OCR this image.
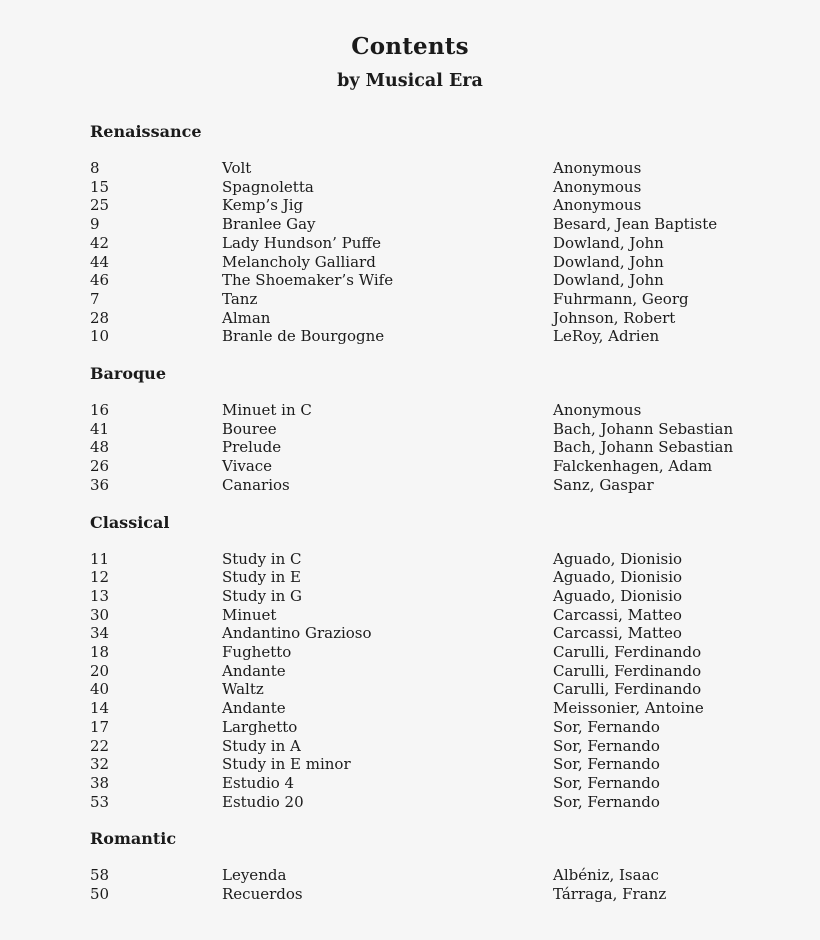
Contents
by Musical Era
Renaissance
8	Volt	Anonymous
15	Spagnoletta	Anonymous
25	Kemp’s Jig	Anonymous
9	Branlee Gay	Besard, Jean Baptiste
42	Lady Hundson’ Puffe	Dowland, John
44	Melancholy Galliard	Dowland, John
46	The Shoemaker’s Wife	Dowland, John
7	Tanz	Fuhrmann, Georg
28	Alman	Johnson, Robert
10	Branle de Bourgogne	LeRoy, Adrien
Baroque
16	Minuet in C	Anonymous
41	Bouree	Bach, Johann Sebastian
48	Prelude	Bach, Johann Sebastian
26	Vivace	Falckenhagen, Adam
36	Canarios	Sanz, Gaspar
Classical
11	Study in C	Aguado, Dionisio
12	Study in E	Aguado, Dionisio
13	Study in G	Aguado, Dionisio
30	Minuet	Carcassi, Matteo
34	Andantino Grazioso	Carcassi, Matteo
18	Fughetto	Carulli, Ferdinando
20	Andante	Carulli, Ferdinando
40	Waltz	Carulli, Ferdinando
14	Andante	Meissonier, Antoine
17	Larghetto	Sor, Fernando
22	Study in A	Sor, Fernando
32	Study in E minor	Sor, Fernando
38	Estudio 4	Sor, Fernando
53	Estudio 20	Sor, Fernando
Romantic
58	Leyenda	Albéniz, Isaac
50	Recuerdos	Tárraga, Franz
